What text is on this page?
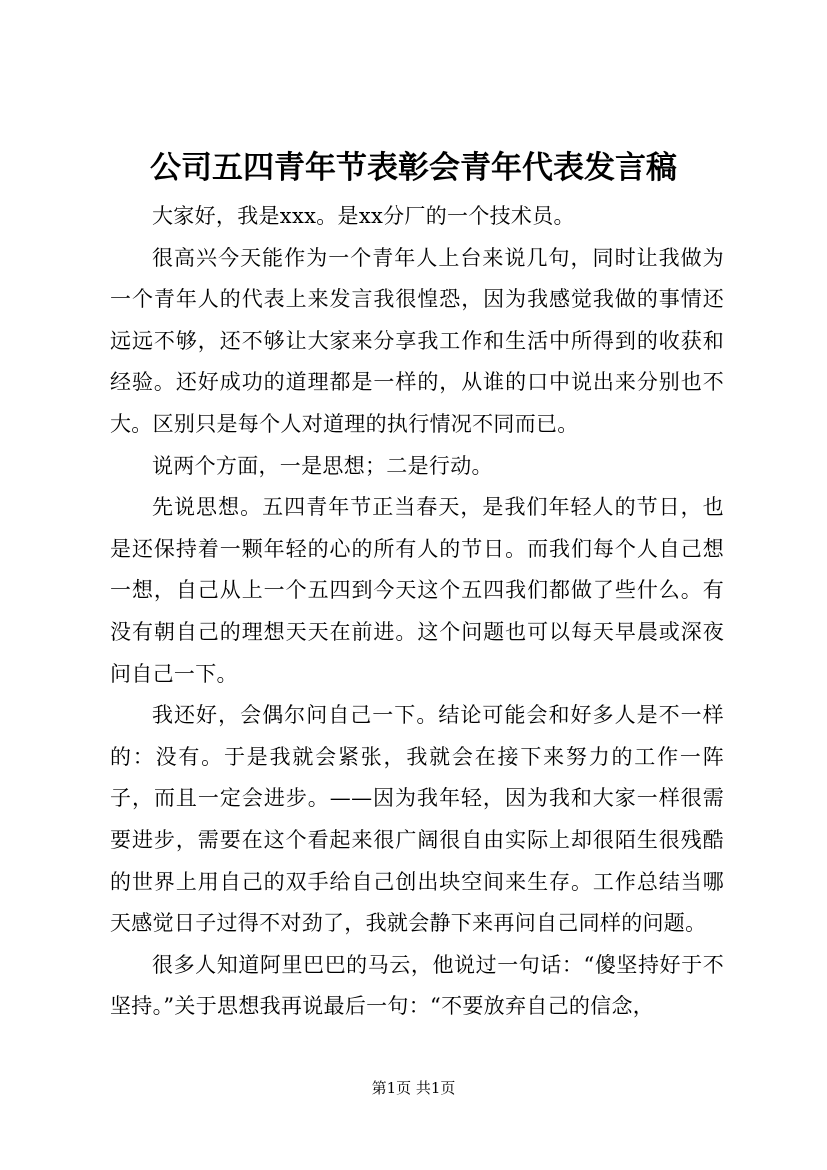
公司五四青年节表彰会青年代表发言稿

大家好，我是xxx。是xx分厂的一个技术员。

很高兴今天能作为一个青年人上台来说几句，同时让我做为一个青年人的代表上来发言我很惶恐，因为我感觉我做的事情还远远不够，还不够让大家来分享我工作和生活中所得到的收获和经验。还好成功的道理都是一样的，从谁的口中说出来分别也不大。区别只是每个人对道理的执行情况不同而已。

说两个方面，一是思想；二是行动。

先说思想。五四青年节正当春天，是我们年轻人的节日，也是还保持着一颗年轻的心的所有人的节日。而我们每个人自己想一想，自己从上一个五四到今天这个五四我们都做了些什么。有没有朝自己的理想天天在前进。这个问题也可以每天早晨或深夜问自己一下。

我还好，会偶尔问自己一下。结论可能会和好多人是不一样的：没有。于是我就会紧张，我就会在接下来努力的工作一阵子，而且一定会进步。——因为我年轻，因为我和大家一样很需要进步，需要在这个看起来很广阔很自由实际上却很陌生很残酷的世界上用自己的双手给自己创出块空间来生存。工作总结当哪天感觉日子过得不对劲了，我就会静下来再问自己同样的问题。

很多人知道阿里巴巴的马云，他说过一句话：“傻坚持好于不坚持。”关于思想我再说最后一句：“不要放弃自己的信念，

第1页 共1页
